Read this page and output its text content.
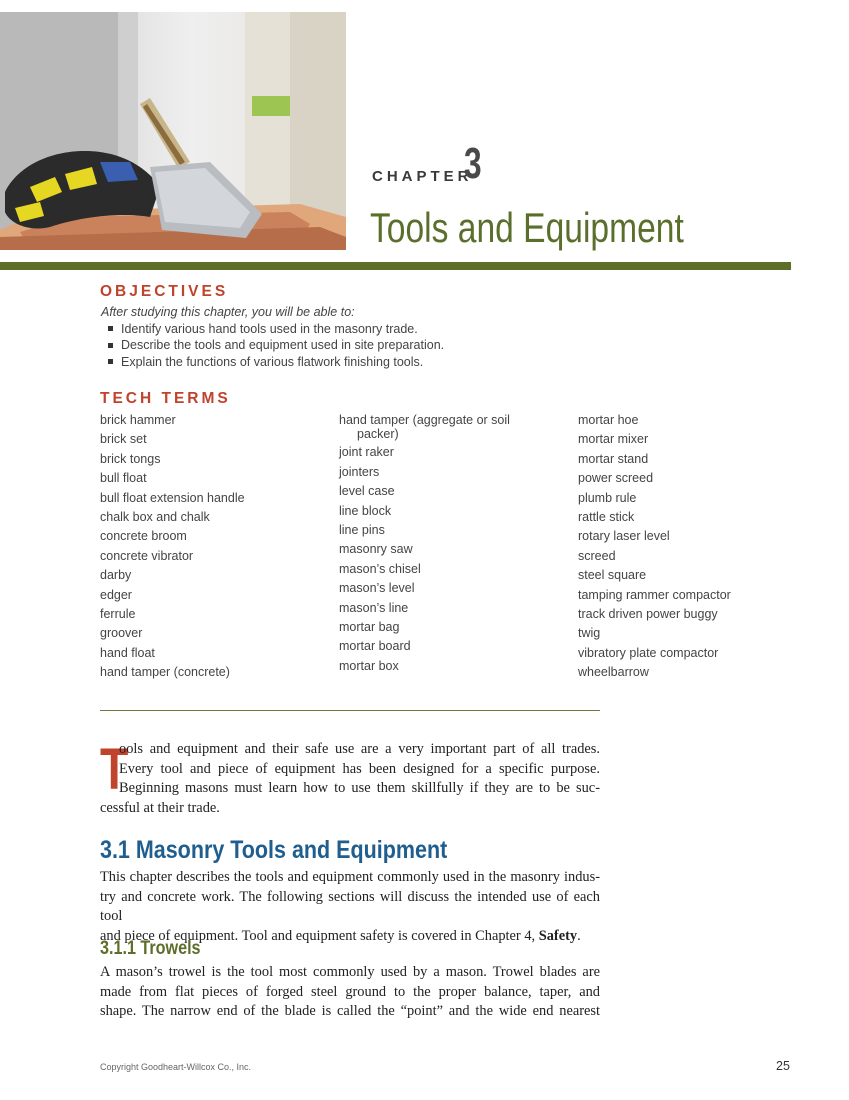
CHAPTER
3
Tools and Equipment
OBJECTIVES
After studying this chapter, you will be able to:
Identify various hand tools used in the masonry trade.
Describe the tools and equipment used in site preparation.
Explain the functions of various flatwork finishing tools.
TECH TERMS
brick hammer
brick set
brick tongs
bull float
bull float extension handle
chalk box and chalk
concrete broom
concrete vibrator
darby
edger
ferrule
groover
hand float
hand tamper (concrete)
hand tamper (aggregate or soil
packer)
joint raker
jointers
level case
line block
line pins
masonry saw
mason’s chisel
mason’s level
mason’s line
mortar bag
mortar board
mortar box
mortar hoe
mortar mixer
mortar stand
power screed
plumb rule
rattle stick
rotary laser level
screed
steel square
tamping rammer compactor
track driven power buggy
twig
vibratory plate compactor
wheelbarrow
T
ools and equipment and their safe use are a very important part of all trades.
Every tool and piece of equipment has been designed for a specific purpose.
Beginning masons must learn how to use them skillfully if they are to be suc-
cessful at their trade.
3.1 Masonry Tools and Equipment
This chapter describes the tools and equipment commonly used in the masonry indus-
try and concrete work. The following sections will discuss the intended use of each tool
and piece of equipment. Tool and equipment safety is covered in Chapter 4, Safety.
3.1.1 Trowels
A mason’s trowel is the tool most commonly used by a mason. Trowel blades are
made from flat pieces of forged steel ground to the proper balance, taper, and
shape. The narrow end of the blade is called the “point” and the wide end nearest
Copyright Goodheart-Willcox Co., Inc.	25
